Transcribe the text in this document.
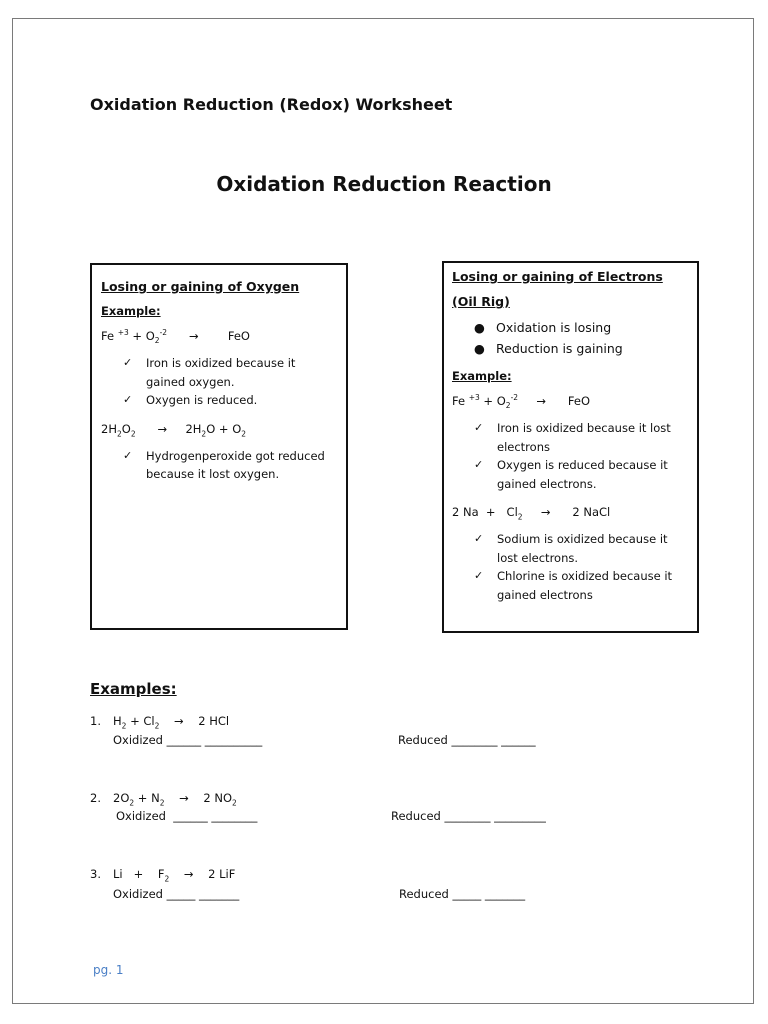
Oxidation Reduction (Redox) Worksheet
Oxidation Reduction Reaction
Losing or gaining of Oxygen
Example:
Fe $^{+3} + O_2^{-2}$      →        FeO
✓ Iron is oxidized because it gained oxygen.
✓ Oxygen is reduced.
$2H_2O_2$      →     $2H_2O + O_2$
✓ Hydrogenperoxide got reduced because it lost oxygen.
Losing or gaining of Electrons
(Oil Rig)
● Oxidation is losing
● Reduction is gaining
Example:
Fe $^{+3} + O_2^{-2}$     →      FeO
✓ Iron is oxidized because it lost electrons
✓ Oxygen is reduced because it gained electrons.
2 $Na + Cl_2$     →      2 NaCl
✓ Sodium is oxidized because it lost electrons.
✓ Chlorine is oxidized because it gained electrons
Examples:
1. $H_2 + Cl_2$    →    2 HCl
Oxidized ______ __________	Reduced ________ ______
2. $2O_2 + N_2$    →    2 $NO_2$
Oxidized  ______ ________	Reduced ________ _________
3. Li   +    $F_2$    →    2 LiF
Oxidized _____ _______	Reduced _____ _______
pg. 1
